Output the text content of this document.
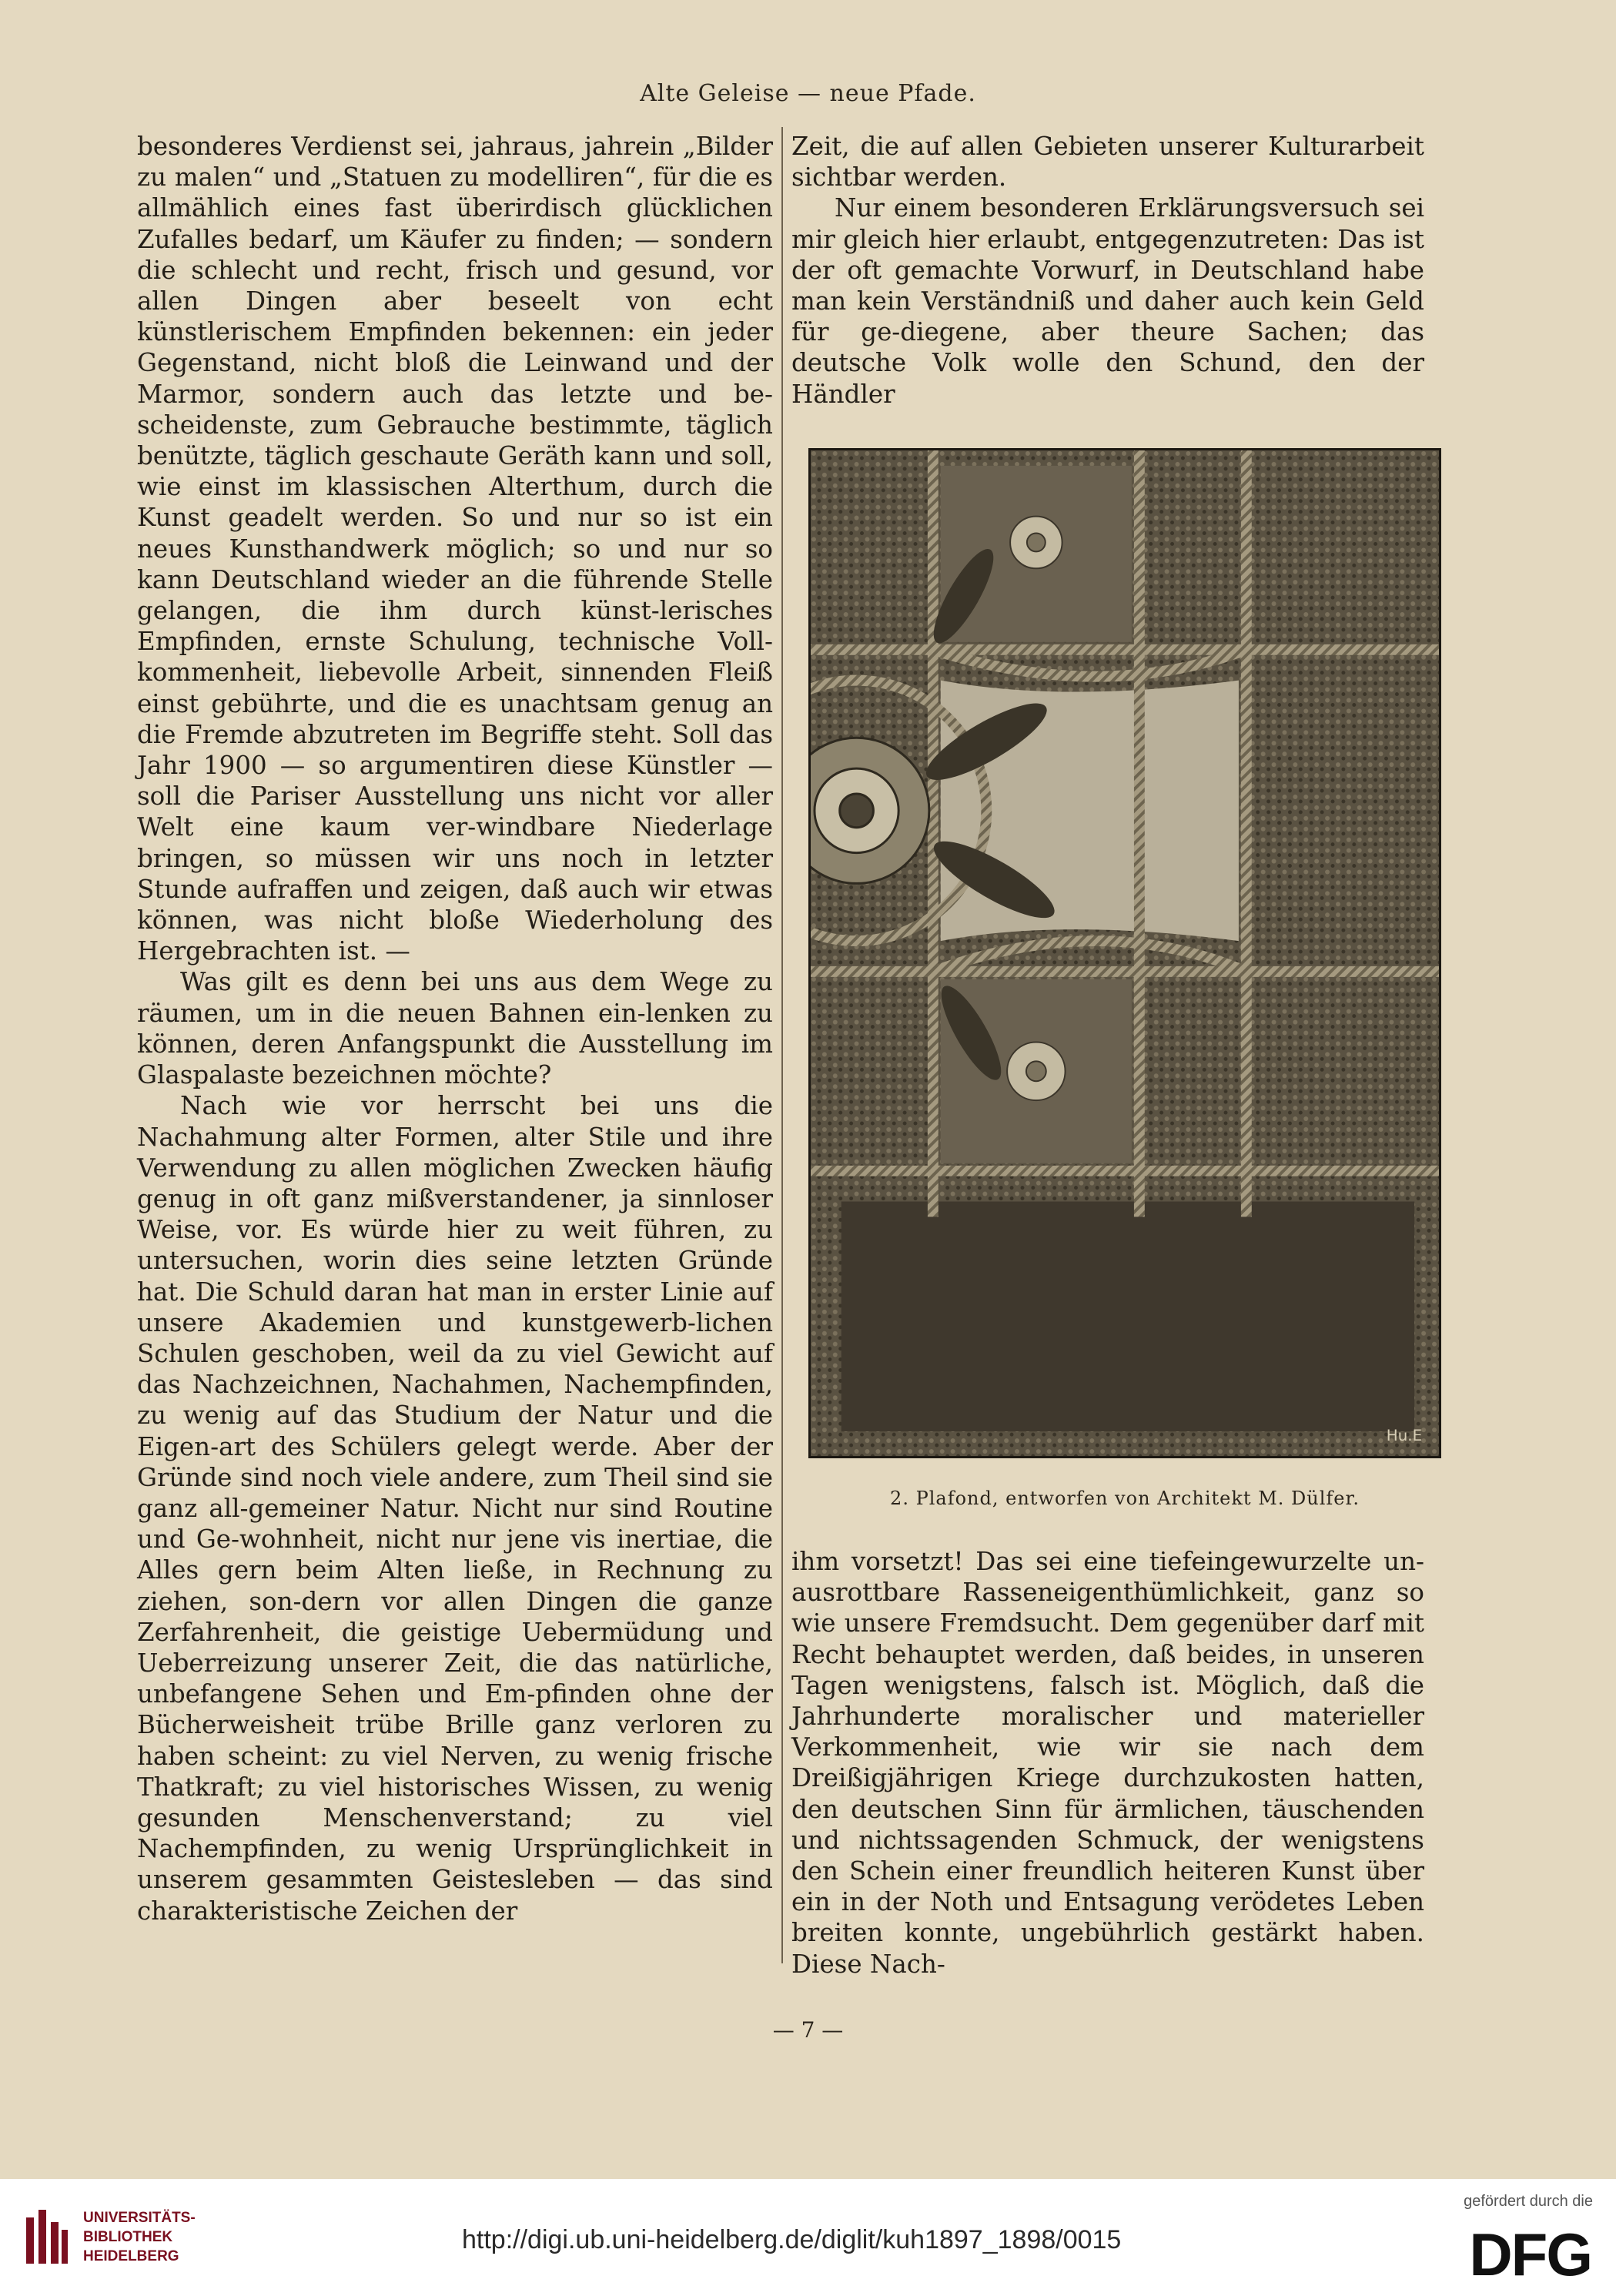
Alte Geleise — neue Pfade.

besonderes Verdienst sei, jahraus, jahrein „Bilder zu malen“ und „Statuen zu modelliren“, für die es allmählich eines fast überirdisch glücklichen Zufalles bedarf, um Käufer zu finden; — sondern die schlecht und recht, frisch und gesund, vor allen Dingen aber beseelt von echt künstlerischem Empfinden bekennen: ein jeder Gegenstand, nicht bloß die Leinwand und der Marmor, sondern auch das letzte und be-scheidenste, zum Gebrauche bestimmte, täglich benützte, täglich geschaute Geräth kann und soll, wie einst im klassischen Alterthum, durch die Kunst geadelt werden. So und nur so ist ein neues Kunsthandwerk möglich; so und nur so kann Deutschland wieder an die führende Stelle gelangen, die ihm durch künst-lerisches Empfinden, ernste Schulung, technische Voll-kommenheit, liebevolle Arbeit, sinnenden Fleiß einst gebührte, und die es unachtsam genug an die Fremde abzutreten im Begriffe steht. Soll das Jahr 1900 — so argumentiren diese Künstler — soll die Pariser Ausstellung uns nicht vor aller Welt eine kaum ver-windbare Niederlage bringen, so müssen wir uns noch in letzter Stunde aufraffen und zeigen, daß auch wir etwas können, was nicht bloße Wiederholung des Hergebrachten ist. —

Was gilt es denn bei uns aus dem Wege zu räumen, um in die neuen Bahnen ein-lenken zu können, deren Anfangspunkt die Ausstellung im Glaspalaste bezeichnen möchte?

Nach wie vor herrscht bei uns die Nachahmung alter Formen, alter Stile und ihre Verwendung zu allen möglichen Zwecken häufig genug in oft ganz mißverstandener, ja sinnloser Weise, vor. Es würde hier zu weit führen, zu untersuchen, worin dies seine letzten Gründe hat. Die Schuld daran hat man in erster Linie auf unsere Akademien und kunstgewerb-lichen Schulen geschoben, weil da zu viel Gewicht auf das Nachzeichnen, Nachahmen, Nachempfinden, zu wenig auf das Studium der Natur und die Eigen-art des Schülers gelegt werde. Aber der Gründe sind noch viele andere, zum Theil sind sie ganz all-gemeiner Natur. Nicht nur sind Routine und Ge-wohnheit, nicht nur jene vis inertiae, die Alles gern beim Alten ließe, in Rechnung zu ziehen, son-dern vor allen Dingen die ganze Zerfahrenheit, die geistige Uebermüdung und Ueberreizung unserer Zeit, die das natürliche, unbefangene Sehen und Em-pfinden ohne der Bücherweisheit trübe Brille ganz verloren zu haben scheint: zu viel Nerven, zu wenig frische Thatkraft; zu viel historisches Wissen, zu wenig gesunden Menschenverstand; zu viel Nachempfinden, zu wenig Ursprünglichkeit in unserem gesammten Geistesleben — das sind charakteristische Zeichen der

Zeit, die auf allen Gebieten unserer Kulturarbeit sichtbar werden.

Nur einem besonderen Erklärungsversuch sei mir gleich hier erlaubt, entgegenzutreten: Das ist der oft gemachte Vorwurf, in Deutschland habe man kein Verständniß und daher auch kein Geld für ge-diegene, aber theure Sachen; das deutsche Volk wolle den Schund, den der Händler

Hu.E
2. Plafond, entworfen von Architekt M. Dülfer.

ihm vorsetzt! Das sei eine tiefeingewurzelte un-ausrottbare Rasseneigenthümlichkeit, ganz so wie unsere Fremdsucht. Dem gegenüber darf mit Recht behauptet werden, daß beides, in unseren Tagen wenigstens, falsch ist. Möglich, daß die Jahrhunderte moralischer und materieller Verkommenheit, wie wir sie nach dem Dreißigjährigen Kriege durchzukosten hatten, den deutschen Sinn für ärmlichen, täuschenden und nichtssagenden Schmuck, der wenigstens den Schein einer freundlich heiteren Kunst über ein in der Noth und Entsagung verödetes Leben breiten konnte, ungebührlich gestärkt haben. Diese Nach-

— 7 —
UNIVERSITÄTS-
BIBLIOTHEK
HEIDELBERG
http://digi.ub.uni-heidelberg.de/diglit/kuh1897_1898/0015
gefördert durch die
DFG
